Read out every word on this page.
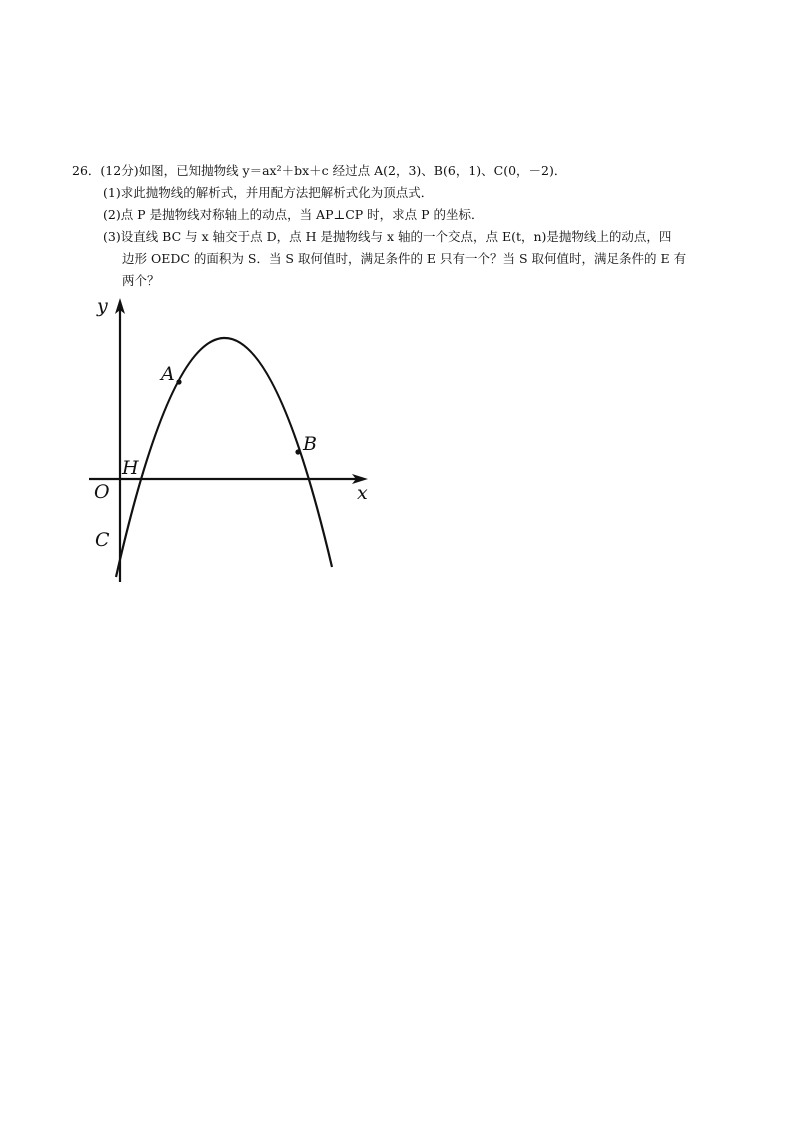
26．(12分)如图，已知抛物线 y＝ax²＋bx＋c 经过点 A(2，3)、B(6，1)、C(0，－2)．
(1)求此抛物线的解析式，并用配方法把解析式化为顶点式．
(2)点 P 是抛物线对称轴上的动点，当 AP⊥CP 时，求点 P 的坐标．
(3)设直线 BC 与 x 轴交于点 D，点 H 是抛物线与 x 轴的一个交点，点 E(t，n)是抛物线上的动点，四
边形 OEDC 的面积为 S．当 S 取何值时，满足条件的 E 只有一个？当 S 取何值时，满足条件的 E 有
两个？
y
x
O
A
B
C
H
